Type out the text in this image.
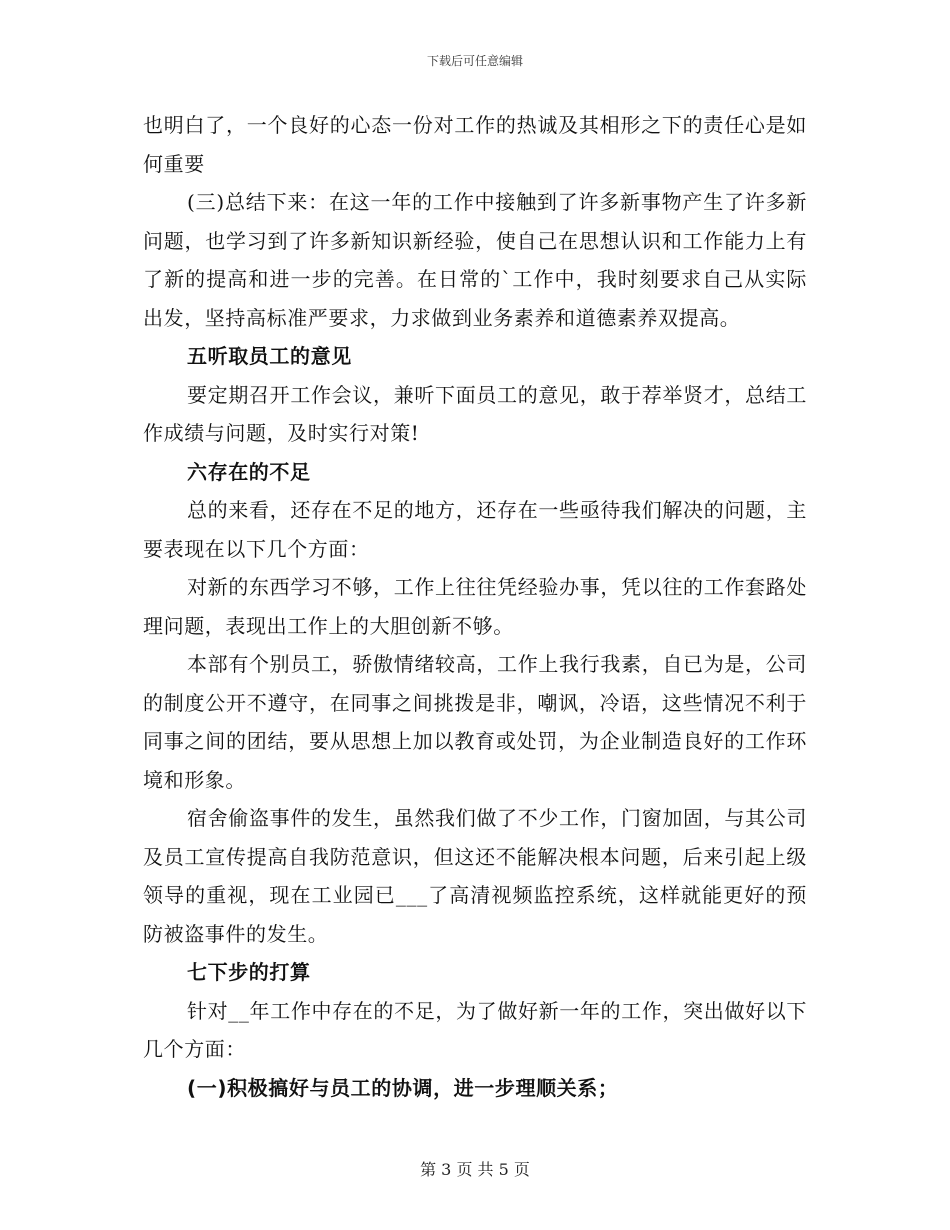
下载后可任意编辑

也明白了，一个良好的心态一份对工作的热诚及其相形之下的责任心是如何重要

(三)总结下来：在这一年的工作中接触到了许多新事物产生了许多新问题，也学习到了许多新知识新经验，使自己在思想认识和工作能力上有了新的提高和进一步的完善。在日常的`工作中，我时刻要求自己从实际出发，坚持高标准严要求，力求做到业务素养和道德素养双提高。

五听取员工的意见

要定期召开工作会议，兼听下面员工的意见，敢于荐举贤才，总结工作成绩与问题，及时实行对策!

六存在的不足

总的来看，还存在不足的地方，还存在一些亟待我们解决的问题，主要表现在以下几个方面：

对新的东西学习不够，工作上往往凭经验办事，凭以往的工作套路处理问题，表现出工作上的大胆创新不够。

本部有个别员工，骄傲情绪较高，工作上我行我素，自已为是，公司的制度公开不遵守，在同事之间挑拨是非，嘲讽，冷语，这些情况不利于同事之间的团结，要从思想上加以教育或处罚，为企业制造良好的工作环境和形象。

宿舍偷盗事件的发生，虽然我们做了不少工作，门窗加固，与其公司及员工宣传提高自我防范意识，但这还不能解决根本问题，后来引起上级领导的重视，现在工业园已___了高清视频监控系统，这样就能更好的预防被盗事件的发生。

七下步的打算

针对__年工作中存在的不足，为了做好新一年的工作，突出做好以下几个方面：

(一)积极搞好与员工的协调，进一步理顺关系；

第 3 页 共 5 页
